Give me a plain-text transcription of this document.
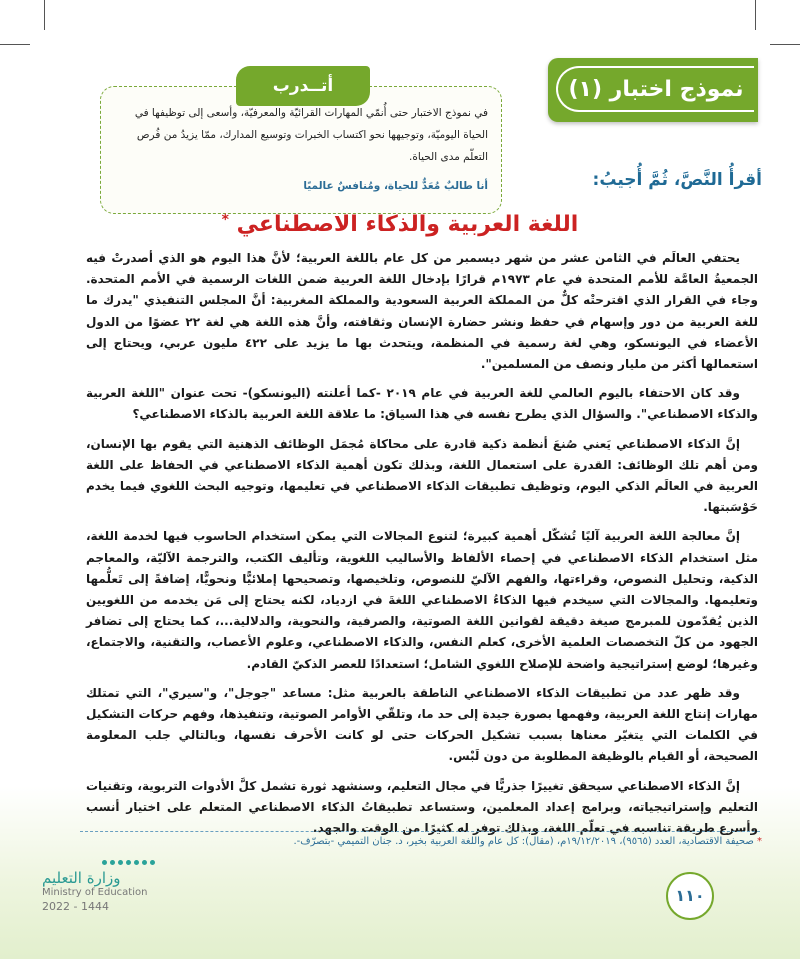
نموذج اختبار (١)
أتــدرب
في نموذج الاختبار حتى أُنمّي المهارات القرائيّة والمعرفيّة، وأسعى إلى توظيفها في الحياة اليوميّة، وتوجيهها نحو اكتساب الخبرات وتوسيع المدارك، ممّا يزيدُ من فُرص التعلّم مدى الحياة.
أنا طالبٌ مُعَدٌّ للحياة، ومُنافسٌ عالميًا	أقرأُ النَّصَّ، ثُمَّ أُجيبُ:
اللغة العربية والذكاء الاصطناعي *

يحتفي العالَم في الثامن عشر من شهر ديسمبر من كل عام باللغة العربية؛ لأنَّ هذا اليوم هو الذي أصدرتْ فيه الجمعيةُ العامَّة للأمم المتحدة في عام ١٩٧٣م قرارًا بإدخال اللغة العربية ضمن اللغات الرسمية في الأمم المتحدة. وجاء في القرار الذي اقترحتْه كلٌّ من المملكة العربية السعودية والمملكة المغربية: أنَّ المجلس التنفيذي "يدرك ما للغة العربية من دور وإسهام في حفظ ونشر حضارة الإنسان وثقافته، وأنَّ هذه اللغة هي لغة ٢٢ عضوًا من الدول الأعضاء في اليونسكو، وهي لغة رسمية في المنظمة، ويتحدث بها ما يزيد على ٤٢٢ مليون عربي، ويحتاج إلى استعمالها أكثر من مليار ونصف من المسلمين".

وقد كان الاحتفاء باليوم العالمي للغة العربية في عام ٢٠١٩ -كما أعلنته (اليونسكو)- تحت عنوان "اللغة العربية والذكاء الاصطناعي". والسؤال الذي يطرح نفسه في هذا السياق: ما علاقة اللغة العربية بالذكاء الاصطناعي؟

إنَّ الذكاء الاصطناعي يَعني صُنعَ أنظمة ذكية قادرة على محاكاة مُجمَل الوظائف الذهنية التي يقوم بها الإنسان، ومن أهم تلك الوظائف: القدرة على استعمال اللغة، وبذلك تكون أهمية الذكاء الاصطناعي في الحفاظ على اللغة العربية في العالَم الذكي اليوم، وتوظيف تطبيقات الذكاء الاصطناعي في تعليمها، وتوجيه البحث اللغوي فيما يخدم حَوْسَبتها.

إنَّ معالجة اللغة العربية آليًا تُشكّل أهمية كبيرة؛ لتنوع المجالات التي يمكن استخدام الحاسوب فيها لخدمة اللغة، مثل استخدام الذكاء الاصطناعي في إحصاء الألفاظ والأساليب اللغوية، وتأليف الكتب، والترجمة الآليّة، والمعاجم الذكية، وتحليل النصوص، وقراءتها، والفهم الآليّ للنصوص، وتلخيصها، وتصحيحها إملائيًّا ونحويًّا، إضافةً إلى تَعلُّمها وتعليمها. والمجالات التي سيخدم فيها الذكاءُ الاصطناعي اللغةَ في ازدياد، لكنه يحتاج إلى مَن يخدمه من اللغويين الذين يُقدّمون للمبرمج صيغة دقيقة لقوانين اللغة الصوتية، والصرفية، والنحوية، والدلالية...، كما يحتاج إلى تضافر الجهود من كلّ التخصصات العلمية الأخرى، كعلم النفس، والذكاء الاصطناعي، وعلوم الأعصاب، والتقنية، والاجتماع، وغيرها؛ لوضع إستراتيجية واضحة للإصلاح اللغوي الشامل؛ استعدادًا للعصر الذكيّ القادم.

وقد ظهر عدد من تطبيقات الذكاء الاصطناعي الناطقة بالعربية مثل: مساعد "جوجل"، و"سيري"، التي تمتلك مهارات إنتاج اللغة العربية، وفهمها بصورة جيدة إلى حد ما، وتلقّي الأوامر الصوتية، وتنفيذها، وفهم حركات التشكيل في الكلمات التي يتغيّر معناها بسبب تشكيل الحركات حتى لو كانت الأحرف نفسها، وبالتالي جلب المعلومة الصحيحة، أو القيام بالوظيفة المطلوبة من دون لَبْس.

إنَّ الذكاء الاصطناعي سيحقق تغييرًا جذريًّا في مجال التعليم، وسنشهد ثورة تشمل كلَّ الأدوات التربوية، وتقنيات التعليم وإستراتيجياته، وبرامج إعداد المعلمين، وستساعد تطبيقاتُ الذكاء الاصطناعي المتعلم على اختيار أنسب وأسرع طريقة تناسبه في تعلّم اللغة، وبذلك توفر له كثيرًا من الوقت والجهد.

* صحيفة الاقتصادية، العدد (٩٥٦٥)، ١٩/١٢/٢٠١٩م، (مقال): كل عام واللغة العربية بخير، د. جنان التميمي -بتصرّف-.
١١٠
وزارة التعليم
Ministry of Education
2022 - 1444
